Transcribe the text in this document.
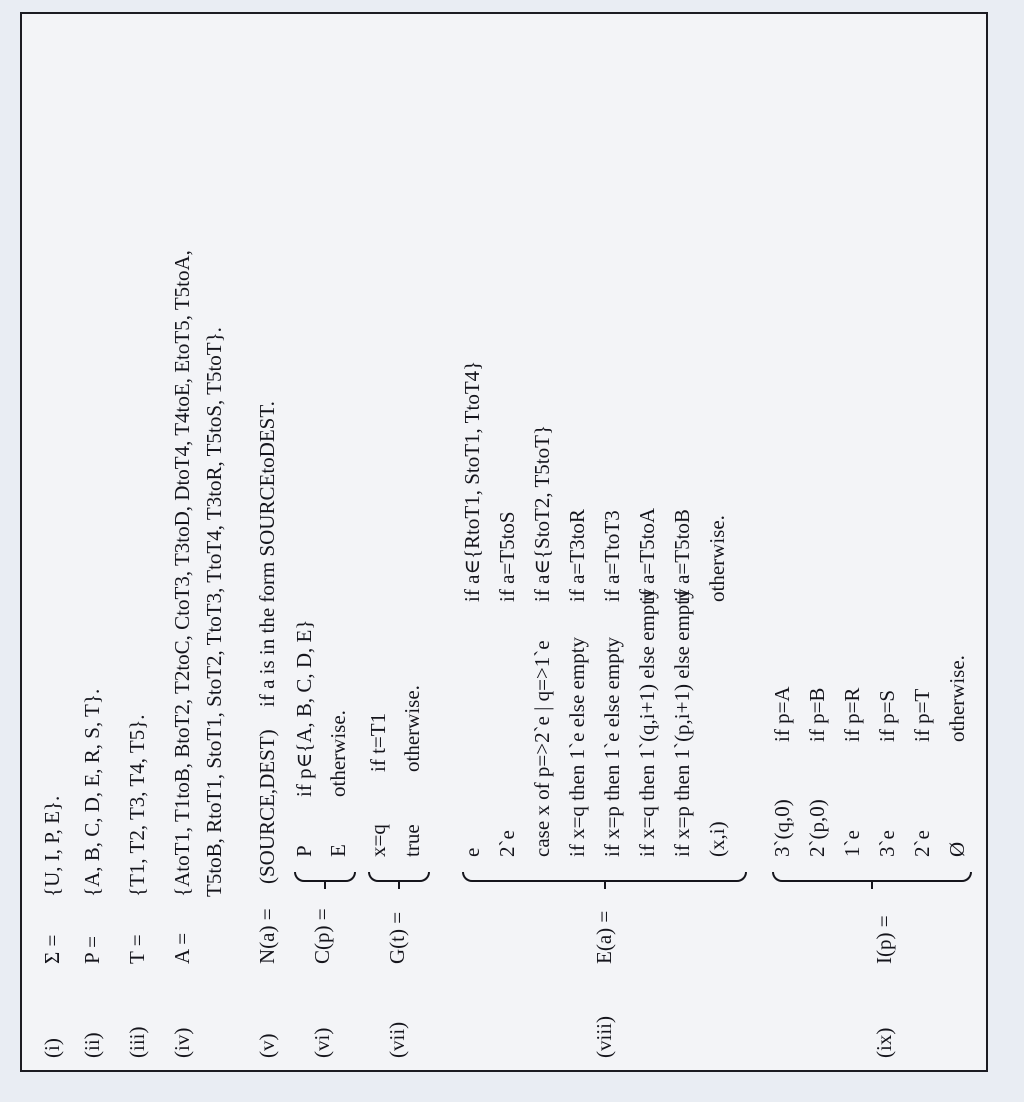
(i)
Σ =
{U, I, P, E}.
(ii)
P =
{A, B, C, D, E, R, S, T}.
(iii)
T =
{T1, T2, T3, T4, T5}.
(iv)
A =
{AtoT1, T1toB, BtoT2, T2toC, CtoT3, T3toD, DtoT4, T4toE, EtoT5, T5toA, T5toB, RtoT1, StoT1, StoT2, TtoT3, TtoT4, T3toR, T5toS, T5toT}.
(v)
N(a) =
(SOURCE,DEST)
if a is in the form SOURCEtoDEST.
(vi)
C(p) =
P
if p∈{A, B, C, D, E}
E
otherwise.
(vii)
G(t) =
x=q
if t=T1
true
otherwise.
(viii)
E(a) =
e
if a∈{RtoT1, StoT1, TtoT4}
2`e
if a=T5toS
case x of p=>2`e | q=>1`e
if a∈{StoT2, T5toT}
if x=q then 1`e else empty
if a=T3toR
if x=p then 1`e else empty
if a=TtoT3
if x=q then 1`(q,i+1) else empty
if a=T5toA
if x=p then 1`(p,i+1) else empty
if a=T5toB
(x,i)
otherwise.
(ix)
I(p) =
3`(q,0)
if p=A
2`(p,0)
if p=B
1`e
if p=R
3`e
if p=S
2`e
if p=T
Ø
otherwise.
